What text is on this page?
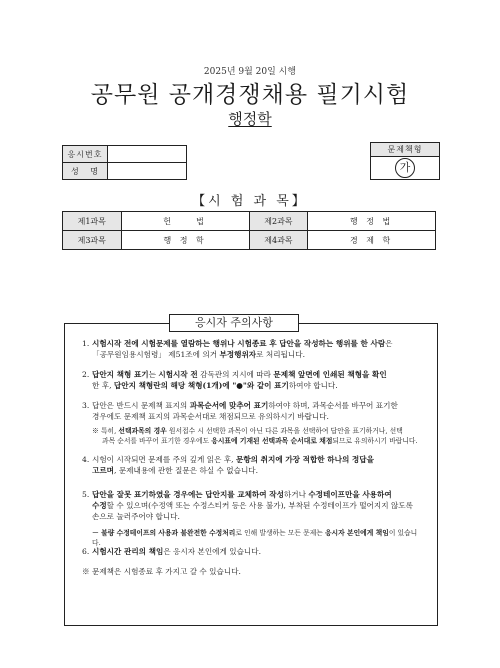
2025년 9월 20일 시행
공무원 공개경쟁채용 필기시험
행정학
응시번호	
성   명	
문제책형
가
【시 험 과 목】
제1과목	헌    법	제2과목	행 정 법
제3과목	행 정 학	제4과목	경 제 학
응시자 주의사항
1. 시험시작 전에 시험문제를 열람하는 행위나 시험종료 후 답안을 작성하는 행위를 한 사람은
「공무원임용시험령」 제51조에 의거 부정행위자로 처리됩니다.
2. 답안지 책형 표기는 시험시작 전 감독관의 지시에 따라 문제책 앞면에 인쇄된 책형을 확인
한 후, 답안지 책형란의 해당 책형(1개)에 "●"와 같이 표기하여야 합니다.
3. 답안은 반드시 문제책 표지의 과목순서에 맞추어 표기하여야 하며, 과목순서를 바꾸어 표기한
경우에도 문제책 표지의 과목순서대로 채점되므로 유의하시기 바랍니다.
※ 특히, 선택과목의 경우 원서접수 시 선택한 과목이 아닌 다른 과목을 선택하여 답안을 표기하거나, 선택
과목 순서를 바꾸어 표기한 경우에도 응시표에 기재된 선택과목 순서대로 채점되므로 유의하시기 바랍니다.
4. 시험이 시작되면 문제를 주의 깊게 읽은 후, 문항의 취지에 가장 적합한 하나의 정답을
고르며, 문제내용에 관한 질문은 하실 수 없습니다.
5. 답안을 잘못 표기하였을 경우에는 답안지를 교체하여 작성하거나 수정테이프만을 사용하여
수정할 수 있으며(수정액 또는 수정스티커 등은 사용 불가), 부착된 수정테이프가 떨어지지 않도록
손으로 눌러주어야 합니다.
－ 불량 수정테이프의 사용과 불완전한 수정처리로 인해 발생하는 모든 문제는 응시자 본인에게 책임이 있습니다.
6. 시험시간 관리의 책임은 응시자 본인에게 있습니다.
※ 문제책은 시험종료 후 가지고 갈 수 있습니다.
